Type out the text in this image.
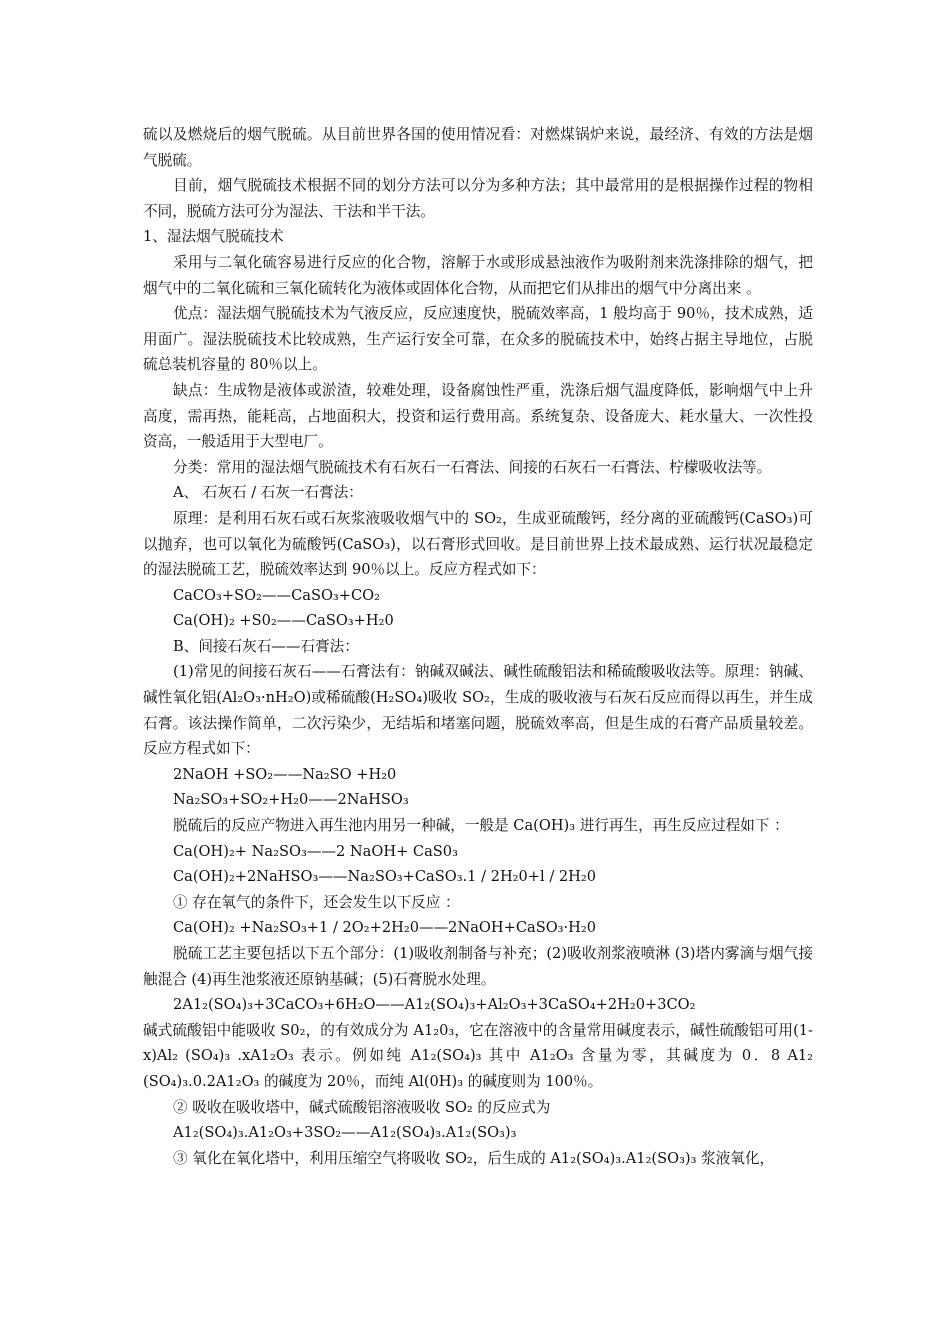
硫以及燃烧后的烟气脱硫。从目前世界各国的使用情况看：对燃煤锅炉来说，最经济、有效的方法是烟气脱硫。

目前，烟气脱硫技术根据不同的划分方法可以分为多种方法；其中最常用的是根据操作过程的物相不同，脱硫方法可分为湿法、干法和半干法。

1、湿法烟气脱硫技术

采用与二氧化硫容易进行反应的化合物，溶解于水或形成悬浊液作为吸附剂来洗涤排除的烟气，把烟气中的二氧化硫和三氧化硫转化为液体或固体化合物，从而把它们从排出的烟气中分离出来 。

优点：湿法烟气脱硫技术为气液反应，反应速度快，脱硫效率高，1 般均高于 90％，技术成熟，适用面广。湿法脱硫技术比较成熟，生产运行安全可靠，在众多的脱硫技术中，始终占据主导地位，占脱硫总装机容量的 80％以上。

缺点：生成物是液体或淤渣，较难处理，设备腐蚀性严重，洗涤后烟气温度降低，影响烟气中上升高度，需再热，能耗高，占地面积大，投资和运行费用高。系统复杂、设备庞大、耗水量大、一次性投资高，一般适用于大型电厂。

分类：常用的湿法烟气脱硫技术有石灰石一石膏法、间接的石灰石一石膏法、柠檬吸收法等。

A、 石灰石 / 石灰一石膏法：

原理：是利用石灰石或石灰浆液吸收烟气中的 SO₂，生成亚硫酸钙，经分离的亚硫酸钙(CaSO₃)可以抛弃，也可以氧化为硫酸钙(CaSO₃)，以石膏形式回收。是目前世界上技术最成熟、运行状况最稳定的湿法脱硫工艺，脱硫效率达到 90％以上。反应方程式如下：

CaCO₃+SO₂——CaSO₃+CO₂

Ca(OH)₂ +S0₂——CaSO₃+H₂0

B、间接石灰石——石膏法：

(1)常见的间接石灰石——石膏法有：钠碱双碱法、碱性硫酸铝法和稀硫酸吸收法等。原理：钠碱、碱性氧化铝(Al₂O₃·nH₂O)或稀硫酸(H₂SO₄)吸收 SO₂，生成的吸收液与石灰石反应而得以再生，并生成石膏。该法操作简单，二次污染少，无结垢和堵塞问题，脱硫效率高，但是生成的石膏产品质量较差。反应方程式如下：

2NaOH +SO₂——Na₂SO +H₂0

Na₂SO₃+SO₂+H₂0——2NaHSO₃

脱硫后的反应产物进入再生池内用另一种碱，一般是 Ca(OH)₃ 进行再生，再生反应过程如下 ：

Ca(OH)₂+ Na₂SO₃——2 NaOH+ CaS0₃

Ca(OH)₂+2NaHSO₃——Na₂SO₃+CaSO₃.1 / 2H₂0+l / 2H₂0

① 存在氧气的条件下，还会发生以下反应 ：

Ca(OH)₂ +Na₂SO₃+1 / 2O₂+2H₂0——2NaOH+CaSO₃·H₂0

脱硫工艺主要包括以下五个部分：(1)吸收剂制备与补充；(2)吸收剂浆液喷淋 (3)塔内雾滴与烟气接触混合 (4)再生池浆液还原钠基碱；(5)石膏脱水处理。

2A1₂(SO₄)₃+3CaCO₃+6H₂O——A1₂(SO₄)₃+Al₂O₃+3CaSO₄+2H₂0+3CO₂

碱式硫酸铝中能吸收 S0₂，的有效成分为 A1₂0₃，它在溶液中的含量常用碱度表示，碱性硫酸铝可用(1-x)Al₂ (SO₄)₃ .xA1₂O₃ 表示。例如纯 A1₂(SO₄)₃ 其中 A1₂O₃ 含量为零，其碱度为 0．8 A1₂ (SO₄)₃.0.2A1₂O₃ 的碱度为 20％，而纯 Al(0H)₃ 的碱度则为 100％。

② 吸收在吸收塔中，碱式硫酸铝溶液吸收 SO₂ 的反应式为

A1₂(SO₄)₃.A1₂O₃+3SO₂——A1₂(SO₄)₃.A1₂(SO₃)₃

③ 氧化在氧化塔中，利用压缩空气将吸收 SO₂，后生成的 A1₂(SO₄)₃.A1₂(SO₃)₃ 浆液氧化，
